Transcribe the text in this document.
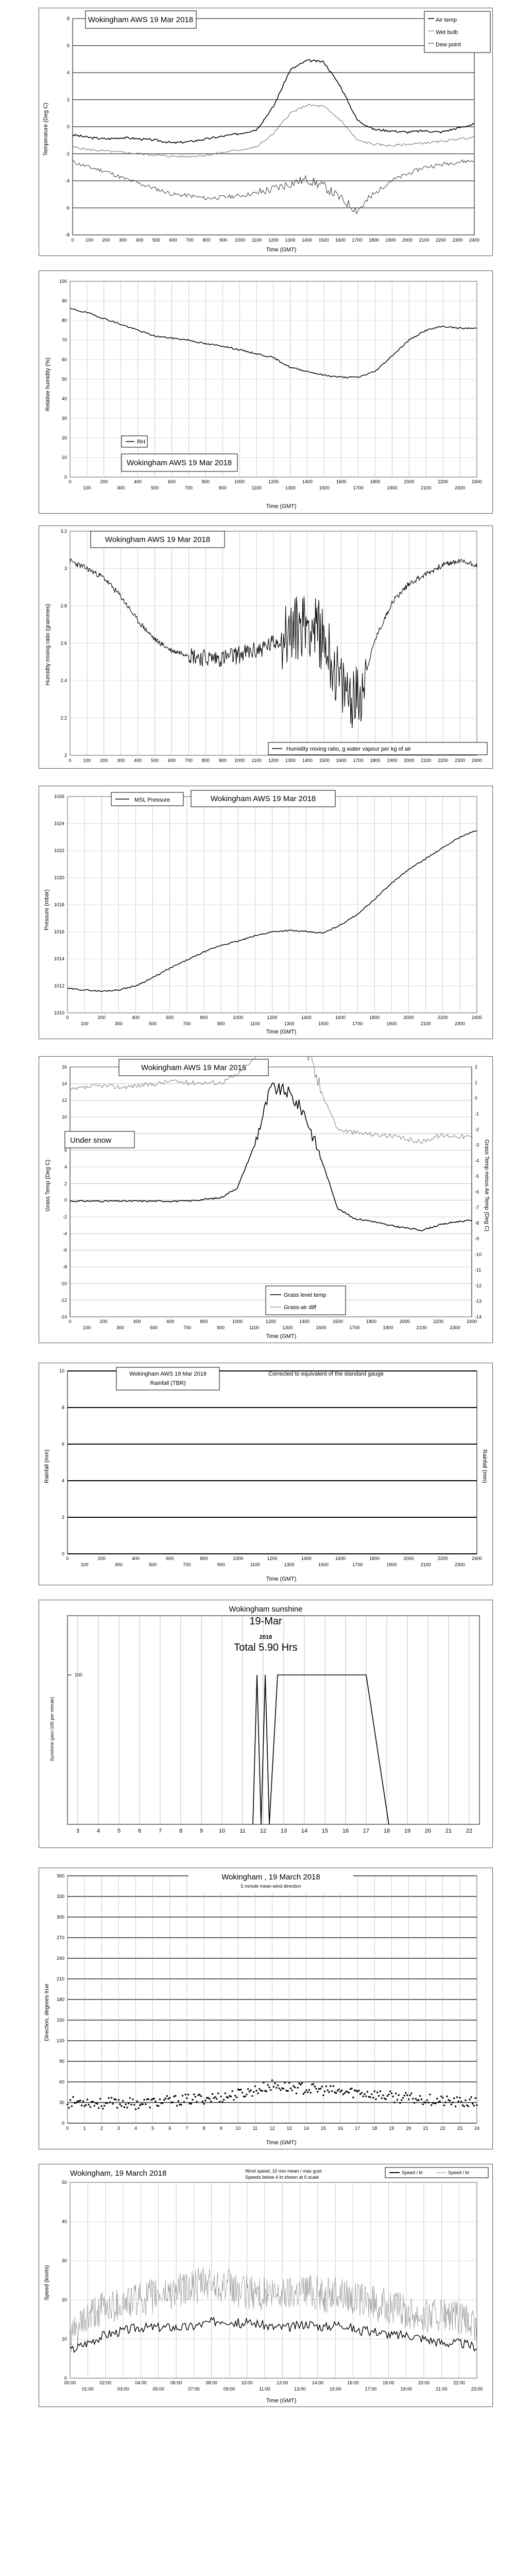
8
6
4
2
0
-2
-4
-6
-8
0 100 200 300 400 500 600 700 800 900 1000 1100 1200 1300 1400 1500 1600 1700 1800 1900 2000 2100 2200 2300 2400
Wokingham AWS 19 Mar 2018
Temperature (Deg C)
Time (GMT)
Air temp
Wet bulb
Dew point
100
90
80
70
60
50
40
30
20
10
0
0
100
200
300
400
500
600
700
800
900
1000
1100
1200
1300
1400
1500
1600
1700
1800
1900
2000
2100
2200
2300
2400
Wokingham AWS 19 Mar 2018
RH
Relative humidity (%)
Time (GMT)
3.2
3
2.8
2.6
2.4
2.2
2
0	100 200 300 400 500 600 700 800 900 1000 1100 1200 1300 1400 1500 1600 1700 1800 1900 2000 2100 2200 2300 2400
Wokingham AWS 19 Mar 2018
Humidity mixing ratio, g water vapour per kg of air
Humidity mixing ratio (grammes)
1026
1024
1022
1020
1018
1016
1014
1012
1010
0
100
200
300
400
500
600
700
800
900
1000
1100
1200
1300
1400
1500
1600
1700
1800
1900
2000
2100
2200
2300
2400
MSL Pressure	Wokingham AWS 19 Mar 2018
Pressure (mbar)
Time (GMT)
16
14
12
10
6
4
2
0
-2
-4
-6
-8
-10
-12
-14
2
1
0
-1
-2
-3
-4
-5
-6
-7
-8
-9
-10
-11
-12
-13
-14
0
100
200
300
400
500
600
700
800
900
1000
1100
1200
1300
1400
1500
1600
1700
1800
1900
2000
2100
2200
2300
2400
Wokingham AWS 19 Mar 2018
Under snow
Grass level temp
Grass-air diff
Grass Temp (Deg C)	Grass Temp minus Air Temp (Deg C)
Time (GMT)
10
8
6
4
2
0
0
100
200
300
400
500
600
700
800
900
1000
1100
1200
1300
1400
1500
1600
1700
1800
1900
2000
2100
2200
2300
2400
Wokingham AWS 19 Mar 2018
Rainfall (TBR)
Corrected to equivalent of the standard gauge
Rainfall (mm)	Rainfall (mm)
Time (GMT)
3	4	5	6	7	8	9	10	11	12	13	14	15	16	17	18	19	20	21	22
100
Wokingham sunshine
19-Mar
2018
Total 5.90 Hrs
Sunshine (yes=100 per minute)
360
330
300
270
240
210
180
150
120
90
60
30
0
0	1	2	3	4	5	6	7	8	9	10	11	12	13	14	15	16	17	18	19	20	21	22	23	24
Wokingham , 19 March 2018
5 minute mean wind direction
Direction, degrees true
Time (GMT)
50
40
30
20
10
0
00:00
01:00
02:00
03:00
04:00
05:00
06:00
07:00
08:00
09:00
10:00
11:00
12:00
13:00
14:00
15:00
16:00
17:00
18:00
19:00
20:00
21:00
22:00
23:00
Wokingham, 19 March 2018	Wind speed, 10 min mean / max gust
Speeds below 4 kt shown at 0 scale
Speed / kt	Speed / kt
Speed (knots)
Time (GMT)
